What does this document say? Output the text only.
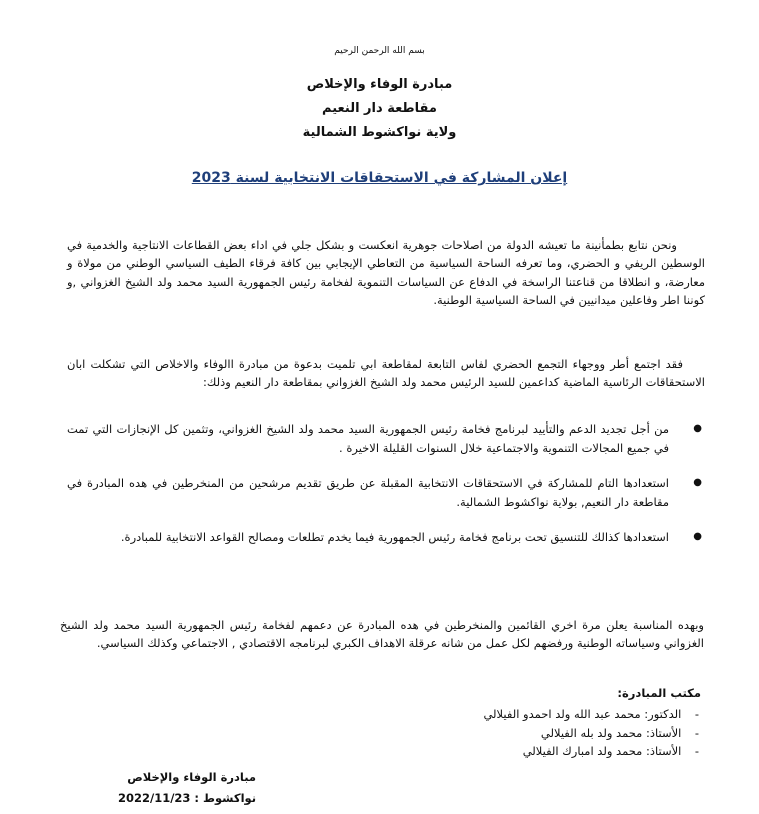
بسم الله الرحمن الرحيم
مبادرة الوفاء والإخلاص
مقاطعة دار النعيم
ولاية نواكشوط الشمالية
إعلان المشاركة في الاستحقاقات الانتخابية لسنة 2023

ونحن نتابع بطمأنينة ما تعيشه الدولة من اصلاحات جوهرية انعكست و بشكل جلي في اداء بعض القطاعات الانتاجية والخدمية في الوسطين الريفي و الحضري، وما تعرفه الساحة السياسية من التعاطي الإيجابي بين كافة فرقاء الطيف السياسي الوطني من مولاة و معارضة، و انطلاقا من قناعتنا الراسخة في الدفاع عن السياسات التنموية لفخامة رئيس الجمهورية السيد محمد ولد الشيخ الغزواني ,و كوننا اطر وفاعلين ميدانيين في الساحة السياسية الوطنية.

فقد اجتمع أطر ووجهاء التجمع الحضري لفاس التابعة لمقاطعة ابي تلميت بدعوة من مبادرة االوفاء والاخلاص التي تشكلت ابان الاستحقاقات الرئاسية الماضية كداعمين للسيد الرئيس محمد ولد الشيخ الغزواني بمقاطعة دار النعيم وذلك:

●
من أجل تجديد الدعم والتأييد لبرنامج فخامة رئيس الجمهورية السيد محمد ولد الشيخ الغزواني، وتثمين كل الإنجازات التي تمت في جميع المجالات التنموية والاجتماعية خلال السنوات القليلة الاخيرة .
●
استعدادها التام للمشاركة في الاستحقاقات الانتخابية المقبلة عن طريق تقديم مرشحين من المنخرطين في هده المبادرة في مقاطعة دار النعيم, بولاية نواكشوط الشمالية.
●
استعدادها كذالك للتنسيق تحت برنامج فخامة رئيس الجمهورية فيما يخدم تطلعات ومصالح القواعد الانتخابية للمبادرة.

وبهده المناسبة يعلن مرة اخري القائمين والمنخرطين في هده المبادرة عن دعمهم لفخامة رئيس الجمهورية السيد محمد ولد الشيخ الغزواني وسياساته الوطنية ورفضهم لكل عمل من شانه عرقلة الاهداف الكبري لبرنامجه الاقتصادي , الاجتماعي وكذلك السياسي.

مكتب المبادرة:
- الدكتور: محمد عبد الله ولد احمدو الفيلالي
- الأستاذ: محمد ولد بله الفيلالي
- الأستاذ: محمد ولد امبارك الفيلالي
مبادرة الوفاء والإخلاص
نواكشوط : 2022/11/23
